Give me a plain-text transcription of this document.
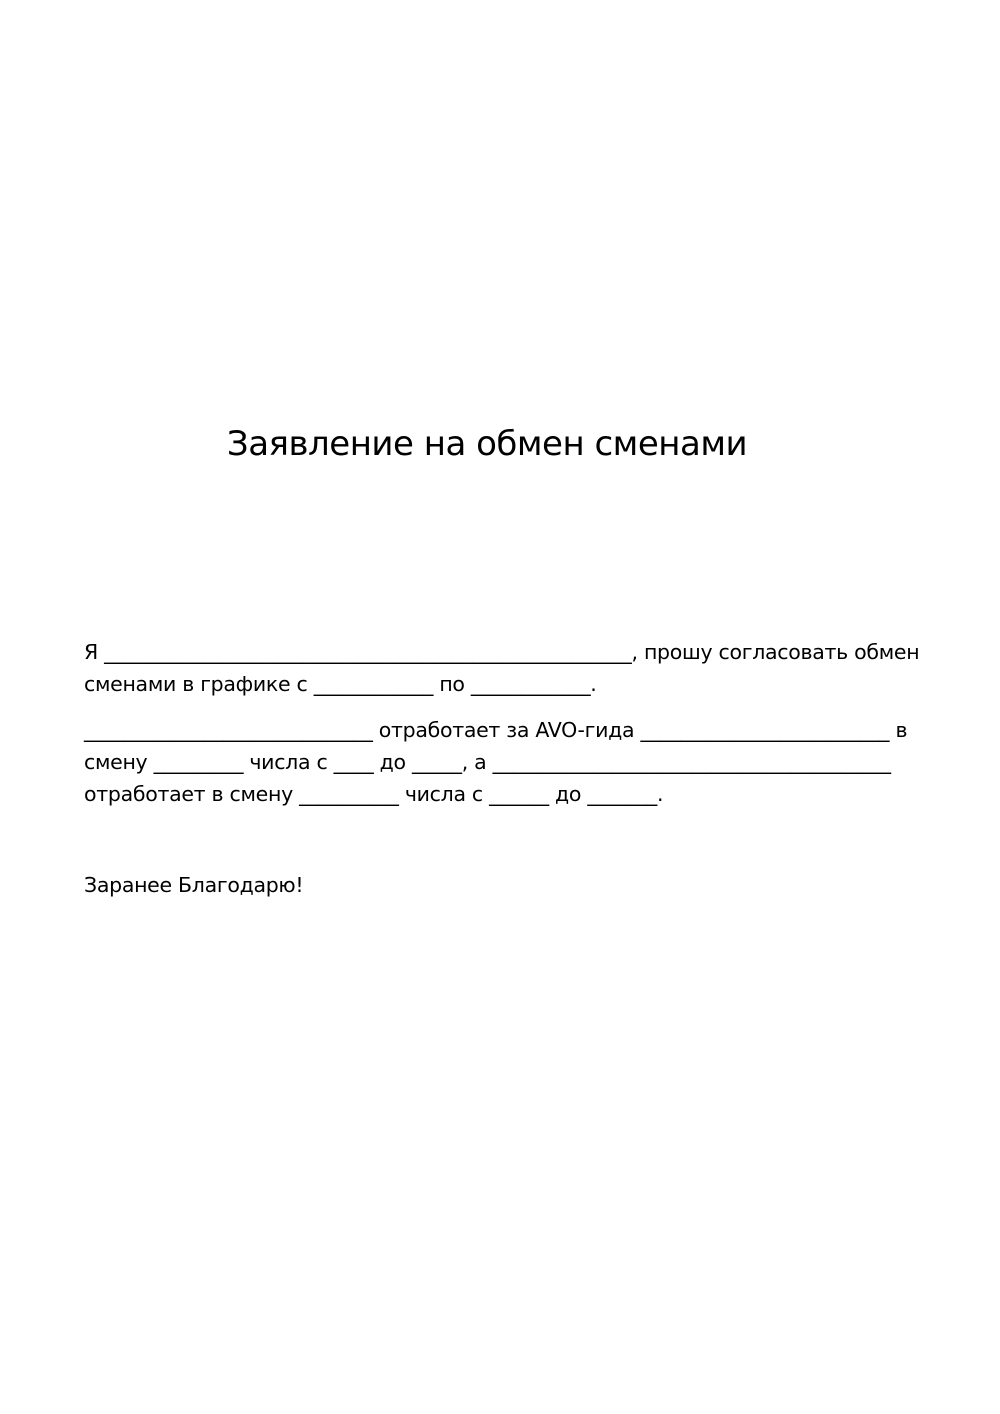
Заявление на обмен сменами
Я _____________________________________________________, прошу согласовать обмен
сменами в графике с ____________ по ____________.
_____________________________ отработает за AVO-гида _________________________ в
смену _________ числа с ____ до _____, а ________________________________________
отработает в смену __________ числа с ______ до _______.
Заранее Благодарю!
